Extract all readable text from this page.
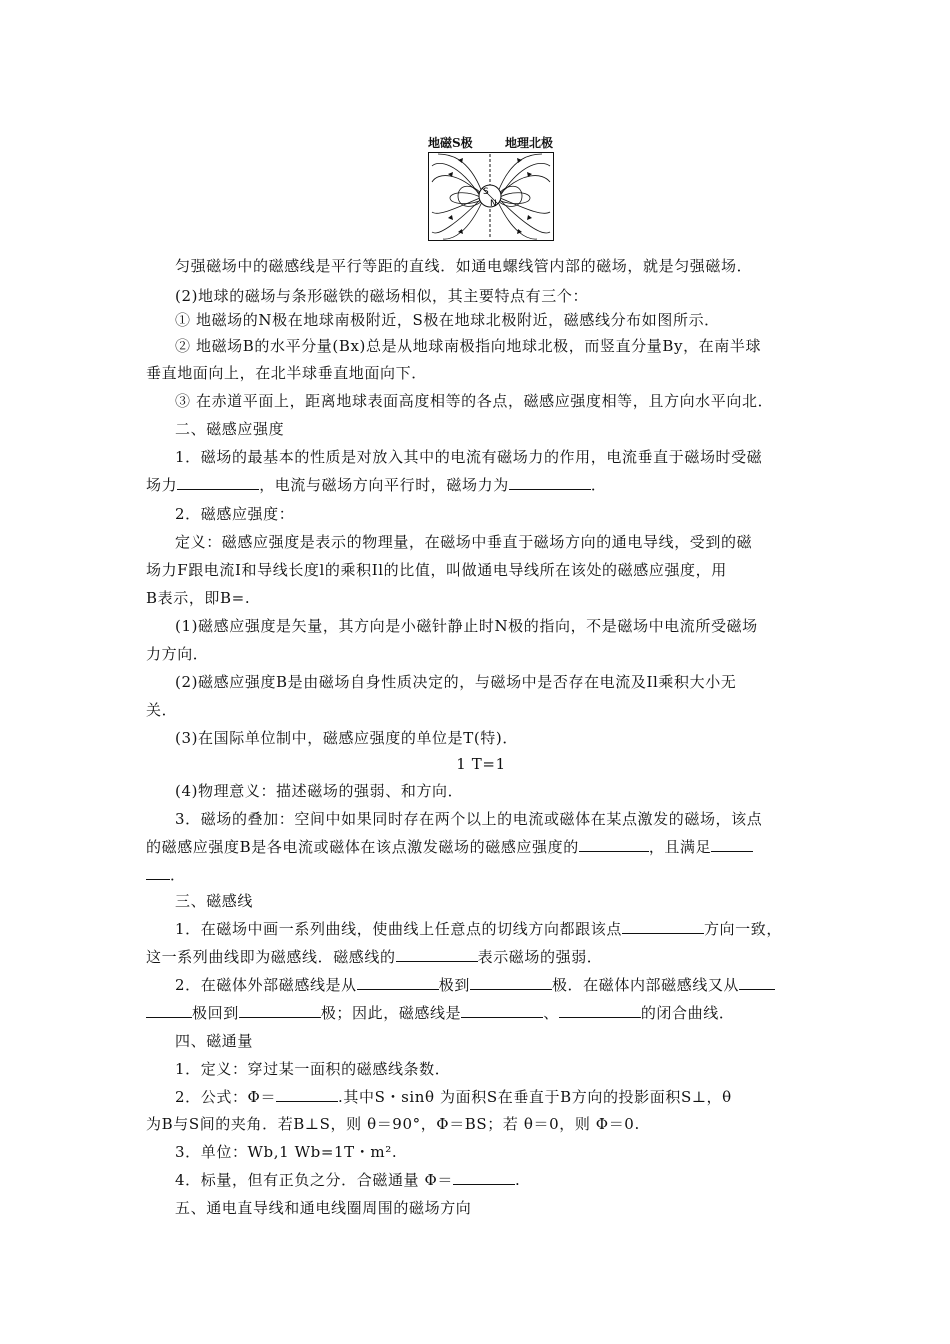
地磁S极	地理北极
S
N
匀强磁场中的磁感线是平行等距的直线．如通电螺线管内部的磁场，就是匀强磁场．
(2)地球的磁场与条形磁铁的磁场相似，其主要特点有三个：
① 地磁场的N极在地球南极附近，S极在地球北极附近，磁感线分布如图所示．
② 地磁场B的水平分量(Bx)总是从地球南极指向地球北极，而竖直分量By，在南半球
垂直地面向上，在北半球垂直地面向下．
③ 在赤道平面上，距离地球表面高度相等的各点，磁感应强度相等，且方向水平向北．
二、磁感应强度
1．磁场的最基本的性质是对放入其中的电流有磁场力的作用，电流垂直于磁场时受磁
场力	，电流与磁场方向平行时，磁场力为	．
2．磁感应强度：
定义：磁感应强度是表示的物理量，在磁场中垂直于磁场方向的通电导线，受到的磁
场力F跟电流I和导线长度l的乘积Il的比值，叫做通电导线所在该处的磁感应强度，用
B表示，即B=.
(1)磁感应强度是矢量，其方向是小磁针静止时N极的指向，不是磁场中电流所受磁场
力方向．
(2)磁感应强度B是由磁场自身性质决定的，与磁场中是否存在电流及Il乘积大小无
关．
(3)在国际单位制中，磁感应强度的单位是T(特)．
1 T=1
(4)物理意义：描述磁场的强弱、和方向．
3．磁场的叠加：空间中如果同时存在两个以上的电流或磁体在某点激发的磁场，该点
的磁感应强度B是各电流或磁体在该点激发磁场的磁感应强度的	，且满足
．
三、磁感线
1．在磁场中画一系列曲线，使曲线上任意点的切线方向都跟该点	方向一致，
这一系列曲线即为磁感线．磁感线的	表示磁场的强弱．
2．在磁体外部磁感线是从	极到	极．在磁体内部磁感线又从
极回到	极；因此，磁感线是	、	的闭合曲线．
四、磁通量
1．定义：穿过某一面积的磁感线条数．
2．公式：Φ＝	.其中S・sinθ 为面积S在垂直于B方向的投影面积S⊥，θ
为B与S间的夹角．若B⊥S，则 θ＝90°，Φ＝BS；若 θ＝0，则 Φ＝0.
3．单位：Wb,1 Wb=1T・m².
4．标量，但有正负之分．合磁通量 Φ＝	.
五、通电直导线和通电线圈周围的磁场方向
